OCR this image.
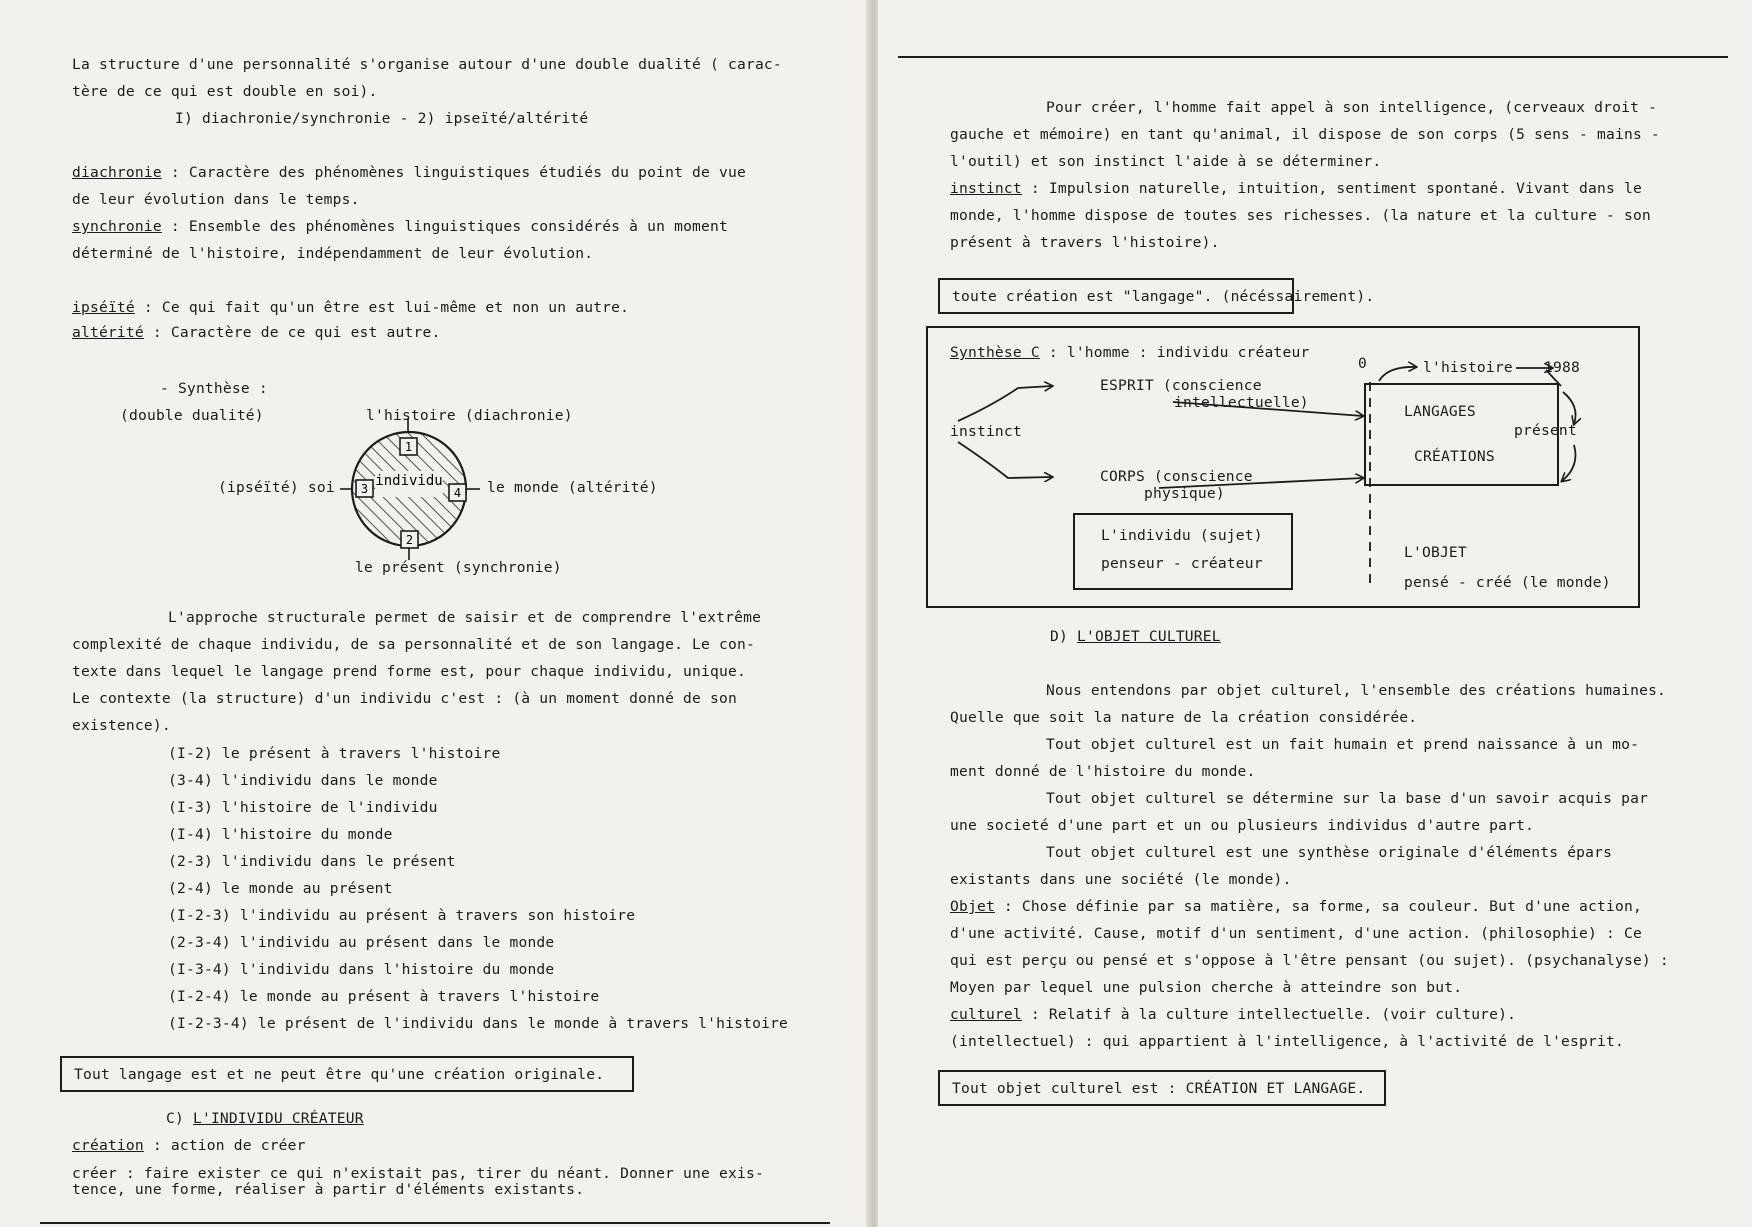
La structure d'une personnalité s'organise autour d'une double dualité ( carac-

tère de ce qui est double en soi).

I) diachronie/synchronie - 2) ipseïté/altérité

diachronie : Caractère des phénomènes linguistiques étudiés du point de vue

de leur évolution dans le temps.

synchronie : Ensemble des phénomènes linguistiques considérés à un moment

déterminé de l'histoire, indépendamment de leur évolution.

ipséïté : Ce qui fait qu'un être est lui-même et non un autre.

altérité : Caractère de ce qui est autre.

- Synthèse :

(double dualité)	l'histoire (diachronie)

(ipséïté) soi	le monde (altérité)

le présent (synchronie)

1
2
3	4
individu

L'approche structurale permet de saisir et de comprendre l'extrême

complexité de chaque individu, de sa personnalité et de son langage. Le con-

texte dans lequel le langage prend forme est, pour chaque individu, unique.

Le contexte (la structure) d'un individu c'est : (à un moment donné de son

existence).

(I-2) le présent à travers l'histoire

(3-4) l'individu dans le monde

(I-3) l'histoire de l'individu

(I-4) l'histoire du monde

(2-3) l'individu dans le présent

(2-4) le monde au présent

(I-2-3) l'individu au présent à travers son histoire

(2-3-4) l'individu au présent dans le monde

(I-3-4) l'individu dans l'histoire du monde

(I-2-4) le monde au présent à travers l'histoire

(I-2-3-4) le présent de l'individu dans le monde à travers l'histoire

Tout langage est et ne peut être qu'une création originale.

C) L'INDIVIDU CRÉATEUR

création : action de créer

créer : faire exister ce qui n'existait pas, tirer du néant. Donner une exis-

tence, une forme, réaliser à partir d'éléments existants.

Pour créer, l'homme fait appel à son intelligence, (cerveaux droit -

gauche et mémoire) en tant qu'animal, il dispose de son corps (5 sens - mains -

l'outil) et son instinct l'aide à se déterminer.

instinct : Impulsion naturelle, intuition, sentiment spontané. Vivant dans le

monde, l'homme dispose de toutes ses richesses. (la nature et la culture - son

présent à travers l'histoire).

toute création est "langage". (nécéssairement).

Synthèse C : l'homme : individu créateur

0	l'histoire 1988

ESPRIT (conscience

intellectuelle)

LANGAGES

instinct	présent

CRÉATIONS

CORPS (conscience

physique)

L'individu (sujet)

penseur - créateur

L'OBJET

pensé - créé (le monde)

D) L'OBJET CULTUREL

Nous entendons par objet culturel, l'ensemble des créations humaines.

Quelle que soit la nature de la création considérée.

Tout objet culturel est un fait humain et prend naissance à un mo-

ment donné de l'histoire du monde.

Tout objet culturel se détermine sur la base d'un savoir acquis par

une societé d'une part et un ou plusieurs individus d'autre part.

Tout objet culturel est une synthèse originale d'éléments épars

existants dans une société (le monde).

Objet : Chose définie par sa matière, sa forme, sa couleur. But d'une action,

d'une activité. Cause, motif d'un sentiment, d'une action. (philosophie) : Ce

qui est perçu ou pensé et s'oppose à l'être pensant (ou sujet). (psychanalyse) :

Moyen par lequel une pulsion cherche à atteindre son but.

culturel : Relatif à la culture intellectuelle. (voir culture).

(intellectuel) : qui appartient à l'intelligence, à l'activité de l'esprit.

Tout objet culturel est : CRÉATION ET LANGAGE.
